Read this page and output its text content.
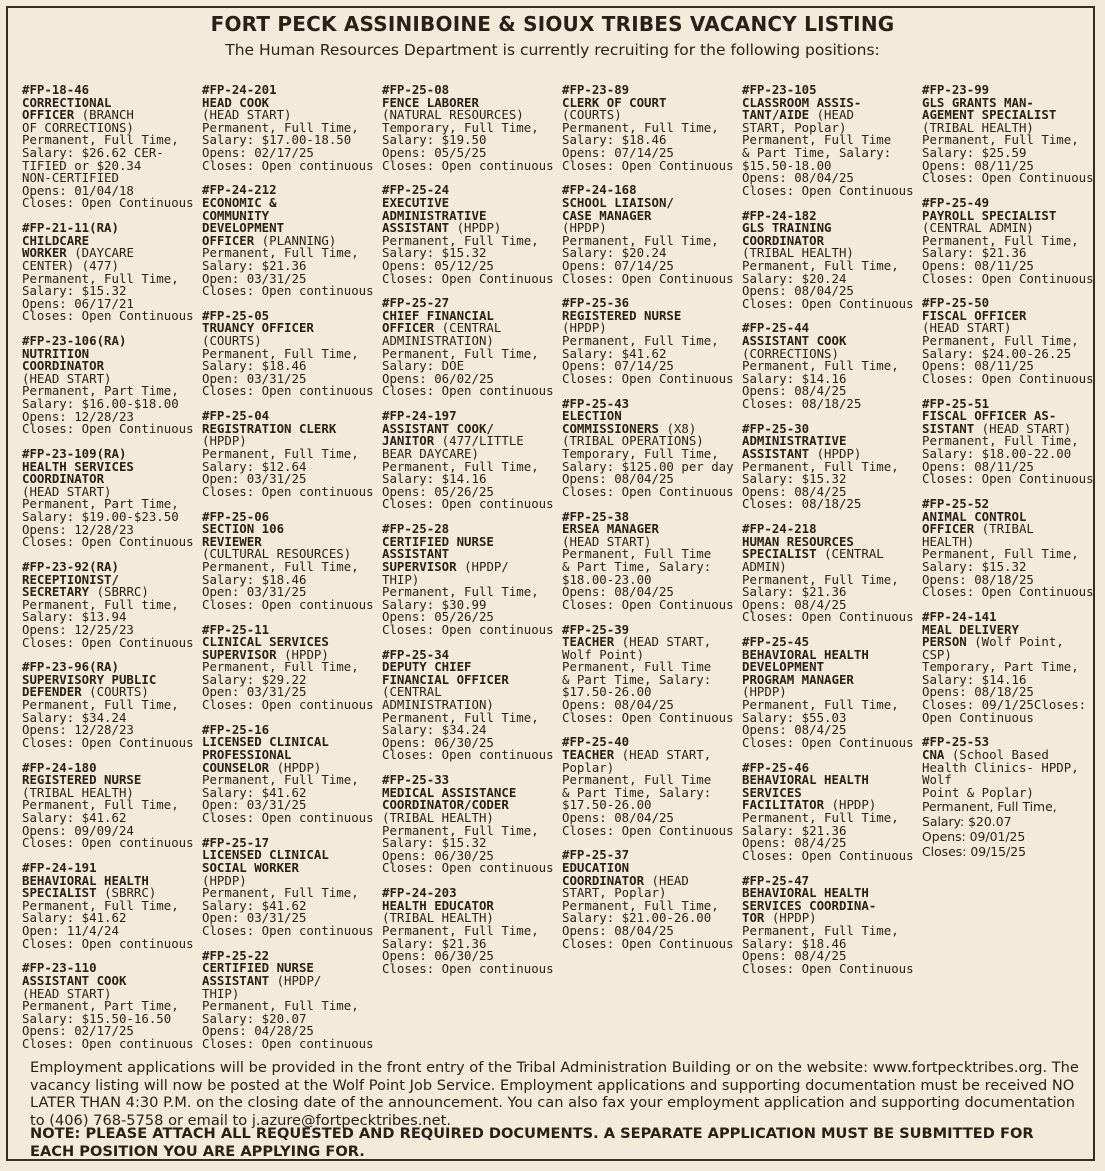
FORT PECK ASSINIBOINE & SIOUX TRIBES VACANCY LISTING
The Human Resources Department is currently recruiting for the following positions:
#FP-18-46
CORRECTIONAL
OFFICER (BRANCH
OF CORRECTIONS)
Permanent, Full Time,
Salary: $26.62 CER-
TIFIED or $20.34
NON-CERTIFIED
Opens: 01/04/18
Closes: Open Continuous
#FP-21-11(RA)
CHILDCARE
WORKER (DAYCARE
CENTER) (477)
Permanent, Full Time,
Salary: $15.32
Opens: 06/17/21
Closes: Open Continuous
#FP-23-106(RA)
NUTRITION
COORDINATOR
(HEAD START)
Permanent, Part Time,
Salary: $16.00-$18.00
Opens: 12/28/23
Closes: Open Continuous
#FP-23-109(RA)
HEALTH SERVICES
COORDINATOR
(HEAD START)
Permanent, Part Time,
Salary: $19.00-$23.50
Opens: 12/28/23
Closes: Open Continuous
#FP-23-92(RA)
RECEPTIONIST/
SECRETARY (SBRRC)
Permanent, Full time,
Salary: $13.94
Opens: 12/25/23
Closes: Open Continuous
#FP-23-96(RA)
SUPERVISORY PUBLIC
DEFENDER (COURTS)
Permanent, Full Time,
Salary: $34.24
Opens: 12/28/23
Closes: Open Continuous
#FP-24-180
REGISTERED NURSE
(TRIBAL HEALTH)
Permanent, Full Time,
Salary: $41.62
Opens: 09/09/24
Closes: Open continuous
#FP-24-191
BEHAVIORAL HEALTH
SPECIALIST (SBRRC)
Permanent, Full Time,
Salary: $41.62
Open: 11/4/24
Closes: Open continuous
#FP-23-110
ASSISTANT COOK
(HEAD START)
Permanent, Part Time,
Salary: $15.50-16.50
Opens: 02/17/25
Closes: Open continuous
#FP-24-201
HEAD COOK
(HEAD START)
Permanent, Full Time,
Salary: $17.00-18.50
Opens: 02/17/25
Closes: Open continuous
#FP-24-212
ECONOMIC &
COMMUNITY
DEVELOPMENT
OFFICER (PLANNING)
Permanent, Full Time,
Salary: $21.36
Open: 03/31/25
Closes: Open continuous
#FP-25-05
TRUANCY OFFICER
(COURTS)
Permanent, Full Time,
Salary: $18.46
Open: 03/31/25
Closes: Open continuous
#FP-25-04
REGISTRATION CLERK
(HPDP)
Permanent, Full Time,
Salary: $12.64
Open: 03/31/25
Closes: Open continuous
#FP-25-06
SECTION 106
REVIEWER
(CULTURAL RESOURCES)
Permanent, Full Time,
Salary: $18.46
Open: 03/31/25
Closes: Open continuous
#FP-25-11
CLINICAL SERVICES
SUPERVISOR (HPDP)
Permanent, Full Time,
Salary: $29.22
Open: 03/31/25
Closes: Open continuous
#FP-25-16
LICENSED CLINICAL
PROFESSIONAL
COUNSELOR (HPDP)
Permanent, Full Time,
Salary: $41.62
Open: 03/31/25
Closes: Open continuous
#FP-25-17
LICENSED CLINICAL
SOCIAL WORKER
(HPDP)
Permanent, Full Time,
Salary: $41.62
Open: 03/31/25
Closes: Open continuous
#FP-25-22
CERTIFIED NURSE
ASSISTANT (HPDP/
THIP)
Permanent, Full Time,
Salary: $20.07
Opens: 04/28/25
Closes: Open continuous
#FP-25-08
FENCE LABORER
(NATURAL RESOURCES)
Temporary, Full Time,
Salary: $19.50
Opens: 05/5/25
Closes: Open continuous
#FP-25-24
EXECUTIVE
ADMINISTRATIVE
ASSISTANT (HPDP)
Permanent, Full Time,
Salary: $15.32
Opens: 05/12/25
Closes: Open Continuous
#FP-25-27
CHIEF FINANCIAL
OFFICER (CENTRAL
ADMINISTRATION)
Permanent, Full Time,
Salary: DOE
Opens: 06/02/25
Closes: Open continuous
#FP-24-197
ASSISTANT COOK/
JANITOR (477/LITTLE
BEAR DAYCARE)
Permanent, Full Time,
Salary: $14.16
Opens: 05/26/25
Closes: Open continuous
#FP-25-28
CERTIFIED NURSE
ASSISTANT
SUPERVISOR (HPDP/
THIP)
Permanent, Full Time,
Salary: $30.99
Opens: 05/26/25
Closes: Open continuous
#FP-25-34
DEPUTY CHIEF
FINANCIAL OFFICER
(CENTRAL
ADMINISTRATION)
Permanent, Full Time,
Salary: $34.24
Opens: 06/30/25
Closes: Open continuous
#FP-25-33
MEDICAL ASSISTANCE
COORDINATOR/CODER
(TRIBAL HEALTH)
Permanent, Full Time,
Salary: $15.32
Opens: 06/30/25
Closes: Open continuous
#FP-24-203
HEALTH EDUCATOR
(TRIBAL HEALTH)
Permanent, Full Time,
Salary: $21.36
Opens: 06/30/25
Closes: Open continuous
#FP-23-89
CLERK OF COURT
(COURTS)
Permanent, Full Time,
Salary: $18.46
Opens: 07/14/25
Closes: Open Continuous
#FP-24-168
SCHOOL LIAISON/
CASE MANAGER
(HPDP)
Permanent, Full Time,
Salary: $20.24
Opens: 07/14/25
Closes: Open Continuous
#FP-25-36
REGISTERED NURSE
(HPDP)
Permanent, Full Time,
Salary: $41.62
Opens: 07/14/25
Closes: Open Continuous
#FP-25-43
ELECTION
COMMISSIONERS (X8)
(TRIBAL OPERATIONS)
Temporary, Full Time,
Salary: $125.00 per day
Opens: 08/04/25
Closes: Open Continuous
#FP-25-38
ERSEA MANAGER
(HEAD START)
Permanent, Full Time
& Part Time, Salary:
$18.00-23.00
Opens: 08/04/25
Closes: Open Continuous
#FP-25-39
TEACHER (HEAD START,
Wolf Point)
Permanent, Full Time
& Part Time, Salary:
$17.50-26.00
Opens: 08/04/25
Closes: Open Continuous
#FP-25-40
TEACHER (HEAD START,
Poplar)
Permanent, Full Time
& Part Time, Salary:
$17.50-26.00
Opens: 08/04/25
Closes: Open Continuous
#FP-25-37
EDUCATION
COORDINATOR (HEAD
START, Poplar)
Permanent, Full Time,
Salary: $21.00-26.00
Opens: 08/04/25
Closes: Open Continuous
#FP-23-105
CLASSROOM ASSIS-
TANT/AIDE (HEAD
START, Poplar)
Permanent, Full Time
& Part Time, Salary:
$15.50-18.00
Opens: 08/04/25
Closes: Open Continuous
#FP-24-182
GLS TRAINING
COORDINATOR
(TRIBAL HEALTH)
Permanent, Full Time,
Salary: $20.24
Opens: 08/04/25
Closes: Open Continuous
#FP-25-44
ASSISTANT COOK
(CORRECTIONS)
Permanent, Full Time,
Salary: $14.16
Opens: 08/4/25
Closes: 08/18/25
#FP-25-30
ADMINISTRATIVE
ASSISTANT (HPDP)
Permanent, Full Time,
Salary: $15.32
Opens: 08/4/25
Closes: 08/18/25
#FP-24-218
HUMAN RESOURCES
SPECIALIST (CENTRAL
ADMIN)
Permanent, Full Time,
Salary: $21.36
Opens: 08/4/25
Closes: Open Continuous
#FP-25-45
BEHAVIORAL HEALTH
DEVELOPMENT
PROGRAM MANAGER
(HPDP)
Permanent, Full Time,
Salary: $55.03
Opens: 08/4/25
Closes: Open Continuous
#FP-25-46
BEHAVIORAL HEALTH
SERVICES
FACILITATOR (HPDP)
Permanent, Full Time,
Salary: $21.36
Opens: 08/4/25
Closes: Open Continuous
#FP-25-47
BEHAVIORAL HEALTH
SERVICES COORDINA-
TOR (HPDP)
Permanent, Full Time,
Salary: $18.46
Opens: 08/4/25
Closes: Open Continuous
#FP-23-99
GLS GRANTS MAN-
AGEMENT SPECIALIST
(TRIBAL HEALTH)
Permanent, Full Time,
Salary: $25.59
Opens: 08/11/25
Closes: Open Continuous
#FP-25-49
PAYROLL SPECIALIST
(CENTRAL ADMIN)
Permanent, Full Time,
Salary: $21.36
Opens: 08/11/25
Closes: Open Continuous
#FP-25-50
FISCAL OFFICER
(HEAD START)
Permanent, Full Time,
Salary: $24.00-26.25
Opens: 08/11/25
Closes: Open Continuous
#FP-25-51
FISCAL OFFICER AS-
SISTANT (HEAD START)
Permanent, Full Time,
Salary: $18.00-22.00
Opens: 08/11/25
Closes: Open Continuous
#FP-25-52
ANIMAL CONTROL
OFFICER (TRIBAL
HEALTH)
Permanent, Full Time,
Salary: $15.32
Opens: 08/18/25
Closes: Open Continuous
#FP-24-141
MEAL DELIVERY
PERSON (Wolf Point,
CSP)
Temporary, Part Time,
Salary: $14.16
Opens: 08/18/25
Closes: 09/1/25Closes:
Open Continuous
#FP-25-53
CNA (School Based
Health Clinics- HPDP, Wolf
Point & Poplar)
Permanent, Full Time,
Salary: $20.07
Opens: 09/01/25
Closes: 09/15/25
Employment applications will be provided in the front entry of the Tribal Administration Building or on the website: www.fortpecktribes.org. The vacancy listing will now be posted at the Wolf Point Job Service. Employment applications and supporting documentation must be received NO LATER THAN 4:30 P.M. on the closing date of the announcement. You can also fax your employment application and supporting documentation to (406) 768-5758 or email to j.azure@fortpecktribes.net.
NOTE: PLEASE ATTACH ALL REQUESTED AND REQUIRED DOCUMENTS. A SEPARATE APPLICATION MUST BE SUBMITTED FOR EACH POSITION YOU ARE APPLYING FOR.
